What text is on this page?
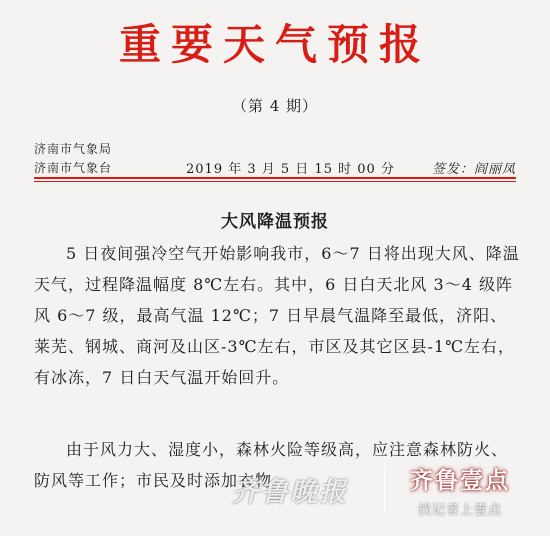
重要天气预报
（第 4 期）
济南市气象局
济南市气象台	2019 年 3 月 5 日 15 时 00 分	签发：阎丽凤
大风降温预报

5 日夜间强冷空气开始影响我市，6～7 日将出现大风、降温天气，过程降温幅度 8℃左右。其中，6 日白天北风 3～4 级阵风 6～7 级，最高气温 12℃；7 日早晨气温降至最低，济阳、莱芜、钢城、商河及山区-3℃左右，市区及其它区县-1℃左右，有冰冻，7 日白天气温开始回升。

由于风力大、湿度小，森林火险等级高，应注意森林防火、防风等工作；市民及时添加衣物。

齐鲁晚报	齐鲁壹点
找记者上壹点
